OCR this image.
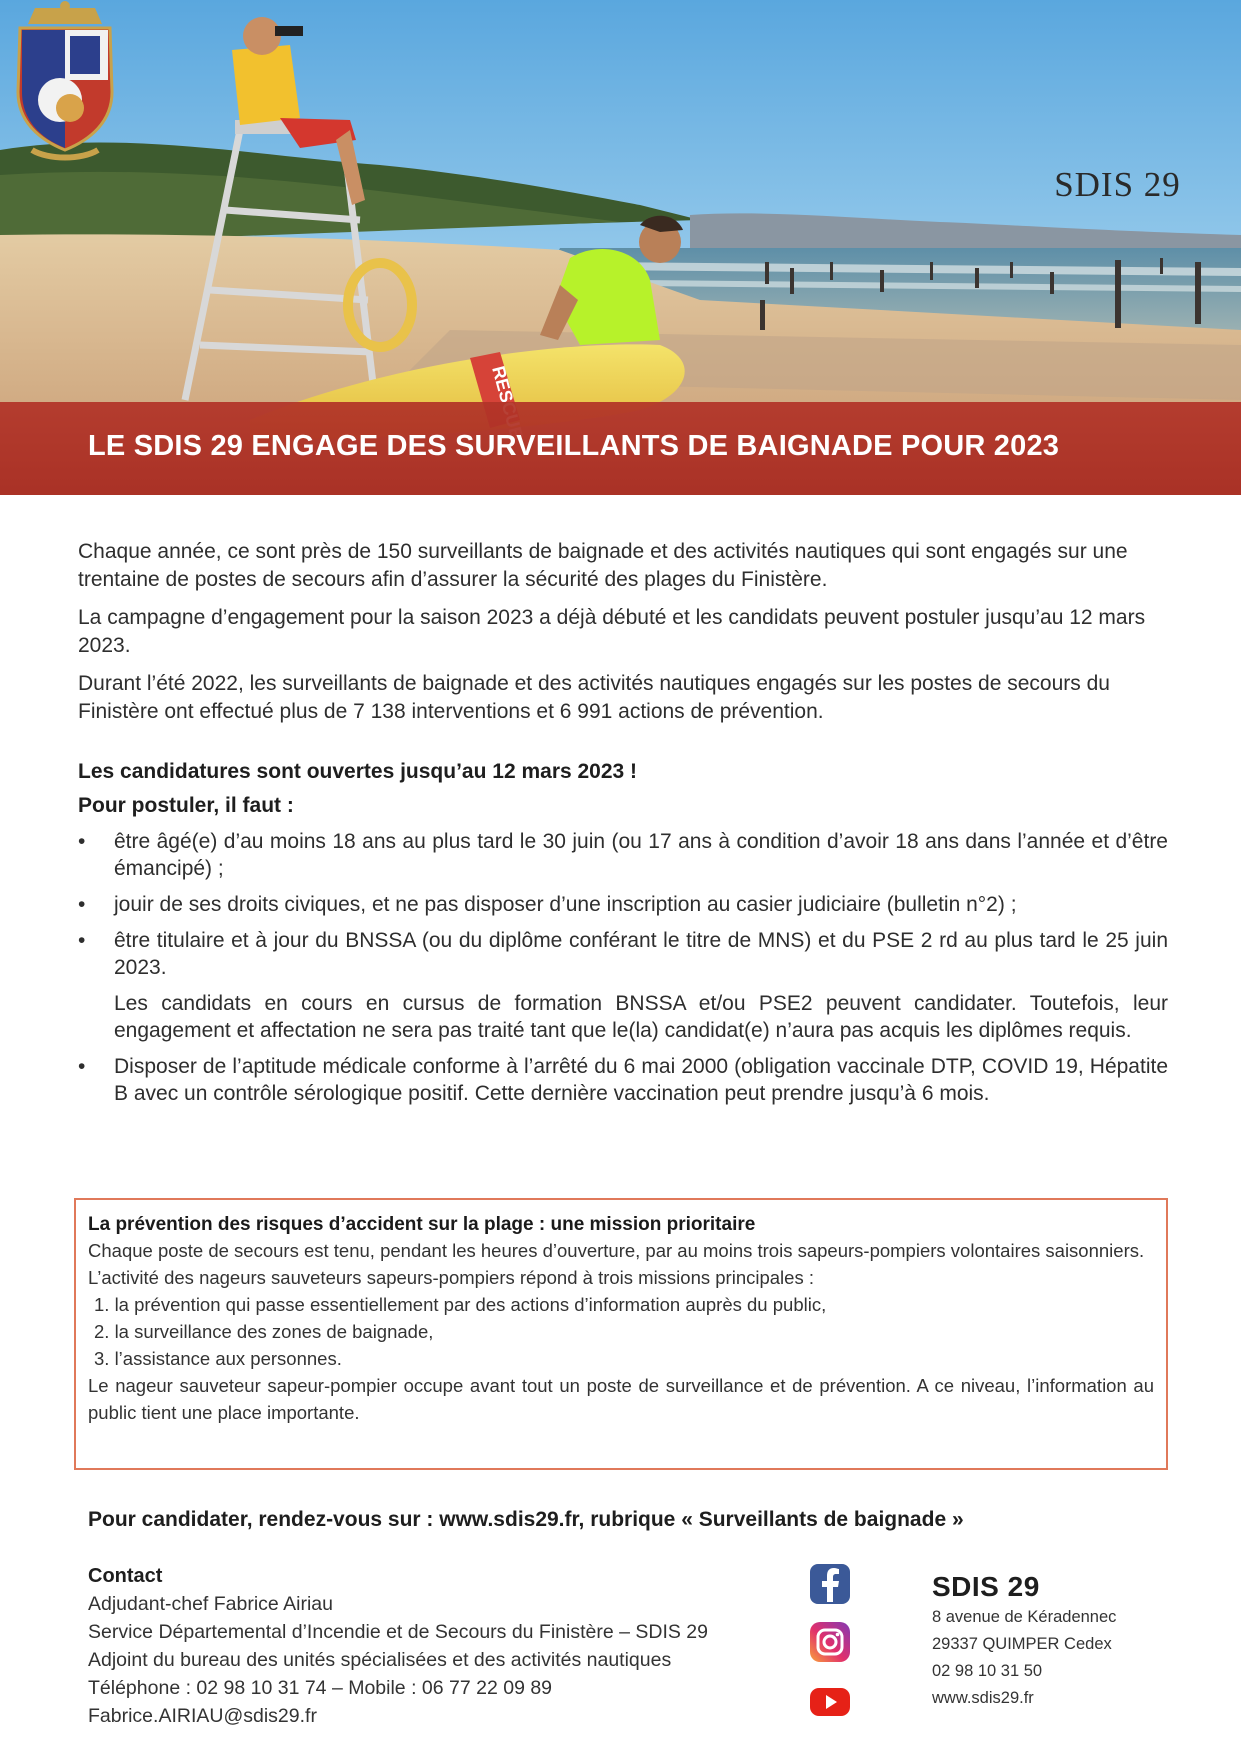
LE SDIS 29 ENGAGE DES SURVEILLANTS DE BAIGNADE POUR 2023
SDIS 29

Chaque année, ce sont près de 150 surveillants de baignade et des activités nautiques qui sont engagés sur une trentaine de postes de secours afin d’assurer la sécurité des plages du Finistère.

La campagne d’engagement pour la saison 2023 a déjà débuté et les candidats peuvent postuler jusqu’au 12 mars 2023.

Durant l’été 2022, les surveillants de baignade et des activités nautiques engagés sur les postes de secours du Finistère ont effectué plus de 7 138 interventions et 6 991 actions de prévention.

Les candidatures sont ouvertes jusqu’au 12 mars 2023 !

Pour postuler, il faut :

• être âgé(e) d’au moins 18 ans au plus tard le 30 juin (ou 17 ans à condition d’avoir 18 ans dans l’année et d’être émancipé) ;
• jouir de ses droits civiques, et ne pas disposer d’une inscription au casier judiciaire (bulletin n°2) ;
• être titulaire et à jour du BNSSA (ou du diplôme conférant le titre de MNS) et du PSE 2 rd au plus tard le 25 juin 2023.
Les candidats en cours en cursus de formation BNSSA et/ou PSE2 peuvent candidater. Toutefois, leur engagement et affectation ne sera pas traité tant que le(la) candidat(e) n’aura pas acquis les diplômes requis.
• Disposer de l’aptitude médicale conforme à l’arrêté du 6 mai 2000 (obligation vaccinale DTP, COVID 19, Hépatite B avec un contrôle sérologique positif. Cette dernière vaccination peut prendre jusqu’à 6 mois.

La prévention des risques d’accident sur la plage : une mission prioritaire

Chaque poste de secours est tenu, pendant les heures d’ouverture, par au moins trois sapeurs-pompiers volontaires saisonniers.

L’activité des nageurs sauveteurs sapeurs-pompiers répond à trois missions principales :

1. la prévention qui passe essentiellement par des actions d’information auprès du public,

2. la surveillance des zones de baignade,

3. l’assistance aux personnes.

Le nageur sauveteur sapeur-pompier occupe avant tout un poste de surveillance et de prévention. A ce niveau, l’information au public tient une place importante.

Pour candidater, rendez-vous sur : www.sdis29.fr, rubrique « Surveillants de baignade »

Contact

Adjudant-chef Fabrice Airiau

Service Départemental d’Incendie et de Secours du Finistère – SDIS 29

Adjoint du bureau des unités spécialisées et des activités nautiques

Téléphone : 02 98 10 31 74 – Mobile : 06 77 22 09 89

Fabrice.AIRIAU@sdis29.fr

SDIS 29

8 avenue de Kéradennec

29337 QUIMPER Cedex

02 98 10 31 50

www.sdis29.fr
